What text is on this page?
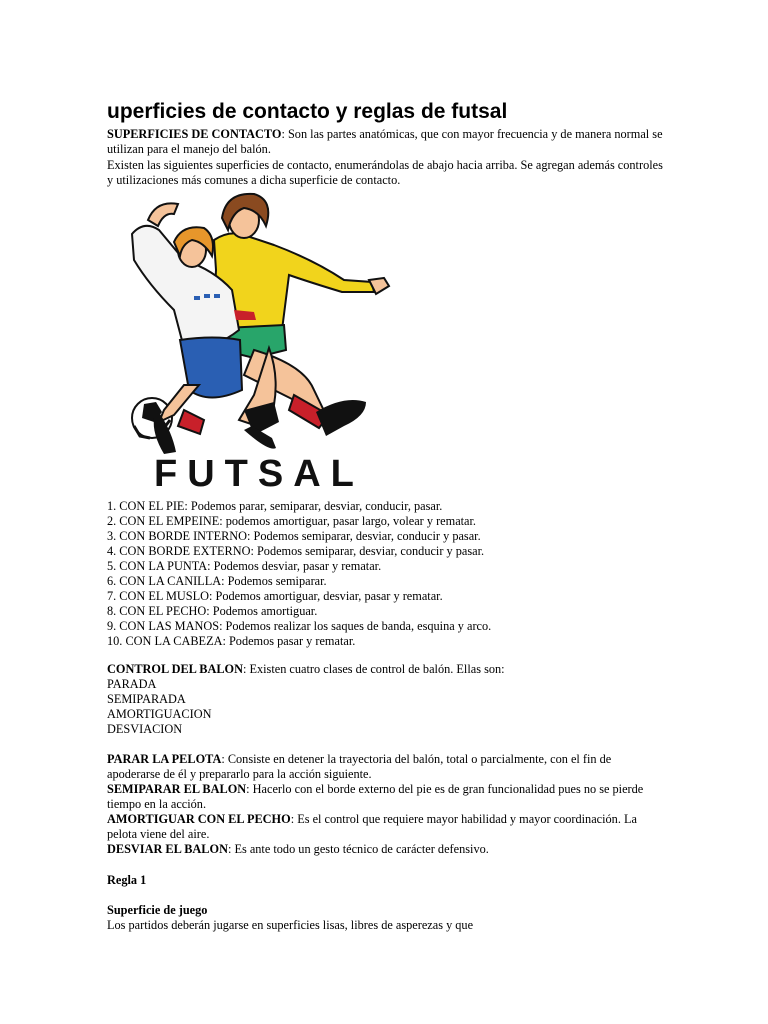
uperficies de contacto y reglas de futsal
SUPERFICIES DE CONTACTO: Son las partes anatómicas, que con mayor frecuencia y de manera normal se utilizan para el manejo del balón.
Existen las siguientes superficies de contacto, enumerándolas de abajo hacia arriba. Se agregan además controles y utilizaciones más comunes a dicha superficie de contacto.
FUTSAL
1. CON EL PIE: Podemos parar, semiparar, desviar, conducir, pasar.
2. CON EL EMPEINE: podemos amortiguar, pasar largo, volear y rematar.
3. CON BORDE INTERNO: Podemos semiparar, desviar, conducir y pasar.
4. CON BORDE EXTERNO: Podemos semiparar, desviar, conducir y pasar.
5. CON LA PUNTA: Podemos desviar, pasar y rematar.
6. CON LA CANILLA: Podemos semiparar.
7. CON EL MUSLO: Podemos amortiguar, desviar, pasar y rematar.
8. CON EL PECHO: Podemos amortiguar.
9. CON LAS MANOS: Podemos realizar los saques de banda, esquina y arco.
10. CON LA CABEZA: Podemos pasar y rematar.
CONTROL DEL BALON: Existen cuatro clases de control de balón. Ellas son:
PARADA
SEMIPARADA
AMORTIGUACION
DESVIACION

PARAR LA PELOTA: Consiste en detener la trayectoria del balón, total o parcialmente, con el fin de apoderarse de él y prepararlo para la acción siguiente.

SEMIPARAR EL BALON: Hacerlo con el borde externo del pie es de gran funcionalidad pues no se pierde tiempo en la acción.

AMORTIGUAR CON EL PECHO: Es el control que requiere mayor habilidad y mayor coordinación. La pelota viene del aire.

DESVIAR EL BALON: Es ante todo un gesto técnico de carácter defensivo.

Regla 1
Superficie de juego
Los partidos deberán jugarse en superficies lisas, libres de asperezas y que
